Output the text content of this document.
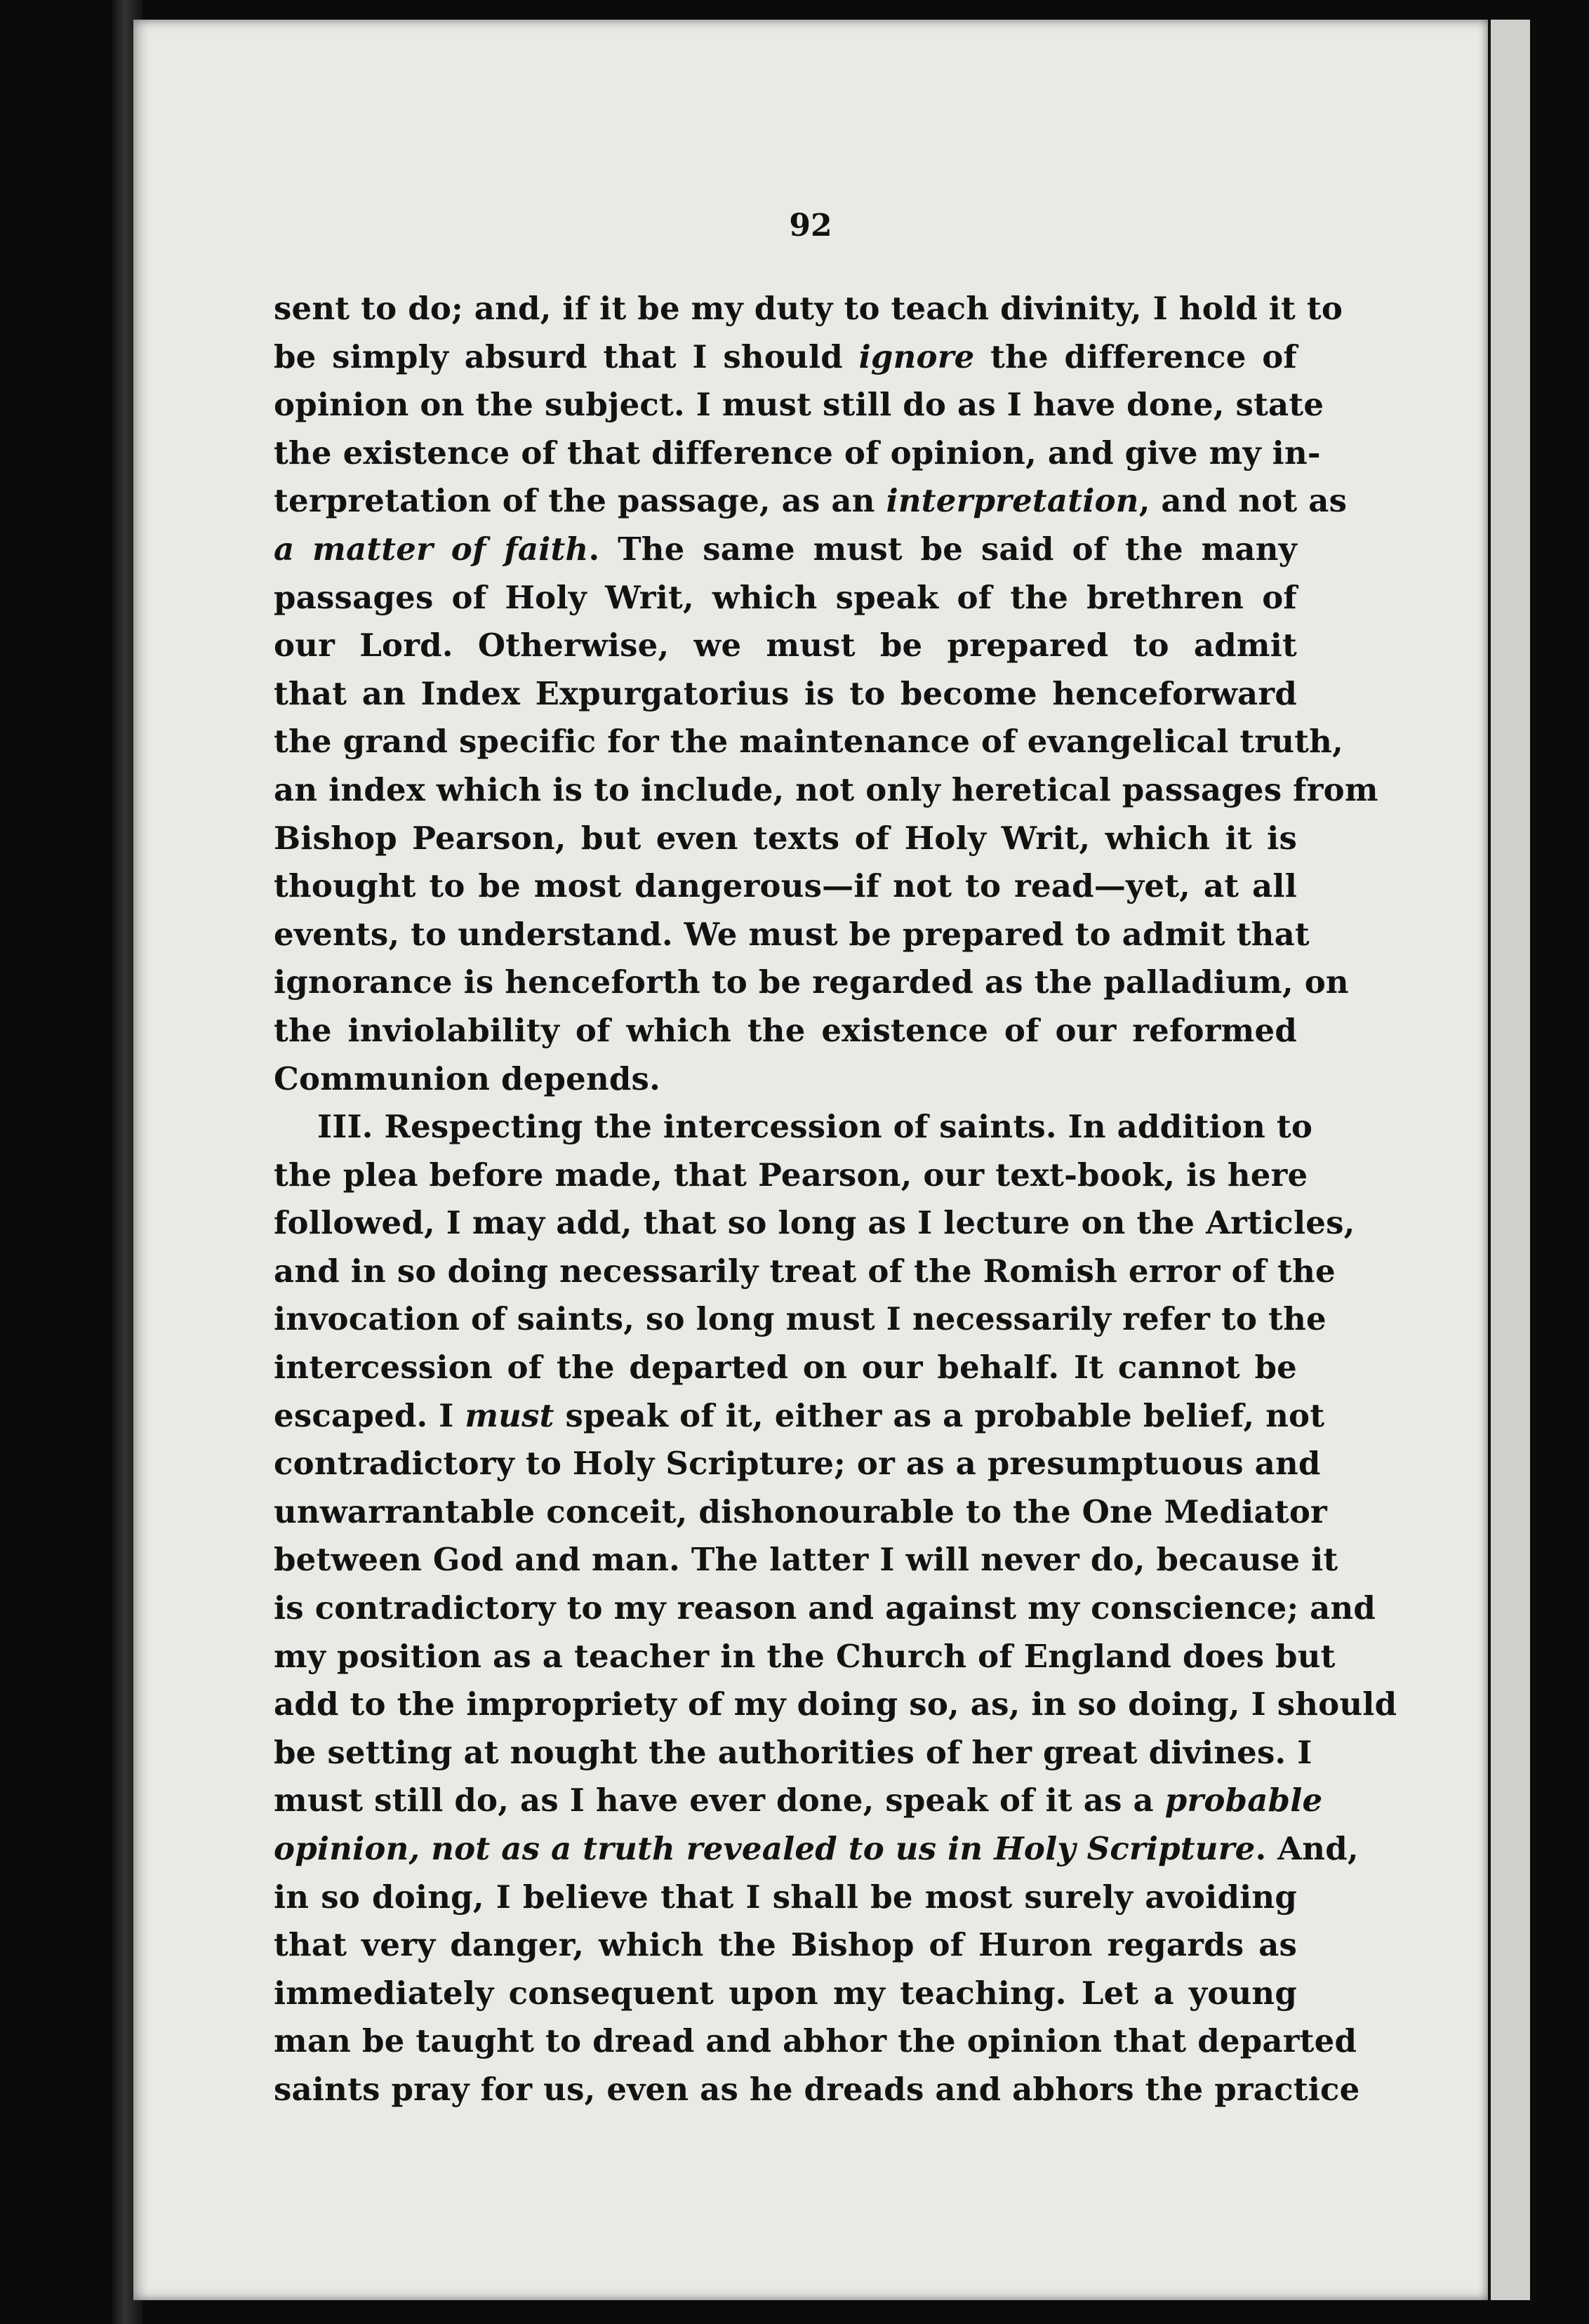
92
sent to do; and, if it be my duty to teach divinity, I hold it to
be simply absurd that I should ignore the difference of
opinion on the subject. I must still do as I have done, state
the existence of that difference of opinion, and give my in-
terpretation of the passage, as an interpretation, and not as
a matter of faith. The same must be said of the many
passages of Holy Writ, which speak of the brethren of
our Lord. Otherwise, we must be prepared to admit
that an Index Expurgatorius is to become henceforward
the grand specific for the maintenance of evangelical truth,
an index which is to include, not only heretical passages from
Bishop Pearson, but even texts of Holy Writ, which it is
thought to be most dangerous—if not to read—yet, at all
events, to understand. We must be prepared to admit that
ignorance is henceforth to be regarded as the palladium, on
the inviolability of which the existence of our reformed
Communion depends.
III. Respecting the intercession of saints. In addition to
the plea before made, that Pearson, our text-book, is here
followed, I may add, that so long as I lecture on the Articles,
and in so doing necessarily treat of the Romish error of the
invocation of saints, so long must I necessarily refer to the
intercession of the departed on our behalf. It cannot be
escaped. I must speak of it, either as a probable belief, not
contradictory to Holy Scripture; or as a presumptuous and
unwarrantable conceit, dishonourable to the One Mediator
between God and man. The latter I will never do, because it
is contradictory to my reason and against my conscience; and
my position as a teacher in the Church of England does but
add to the impropriety of my doing so, as, in so doing, I should
be setting at nought the authorities of her great divines. I
must still do, as I have ever done, speak of it as a probable
opinion, not as a truth revealed to us in Holy Scripture. And,
in so doing, I believe that I shall be most surely avoiding
that very danger, which the Bishop of Huron regards as
immediately consequent upon my teaching. Let a young
man be taught to dread and abhor the opinion that departed
saints pray for us, even as he dreads and abhors the practice
